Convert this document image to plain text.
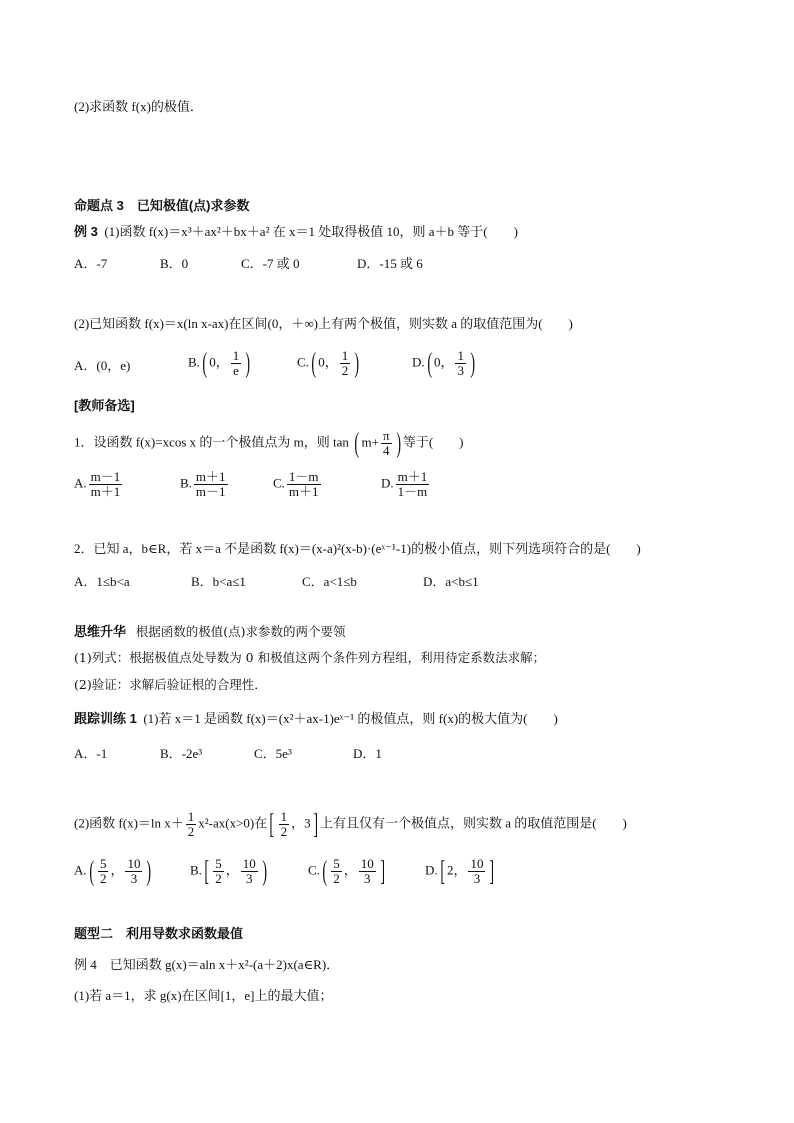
(2)求函数 f(x)的极值．
命题点 3　已知极值(点)求参数
例 3 (1)函数 f(x)＝x³＋ax²＋bx＋a² 在 x＝1 处取得极值 10，则 a＋b 等于(　　)
A．-7	B．0	C．-7 或 0	D．-15 或 6
(2)已知函数 f(x)＝x(ln x-ax)在区间(0，＋∞)上有两个极值，则实数 a 的取值范围为(　　)
A．(0，e)	B.( 0， $\frac{1}{e}$ )	C.( 0， $\frac{1}{2}$ )	D.( 0， $\frac{1}{3}$ )
[教师备选]
1．设函数 f(x)=xcos x 的一个极值点为 m，则 tan ( $m+ \frac{\pi}{4}$ ) 等于(　　)
A. $\frac{m-1}{m+1}$	B. $\frac{m+1}{m-1}$	C. $\frac{1-m}{m+1}$	D. $\frac{m+1}{1-m}$
2．已知 a，b∈R，若 x＝a 不是函数 f(x)＝(x-a)²(x-b)·(eˣ⁻¹-1)的极小值点，则下列选项符合的是(　　)
A．1≤b<a	B．b<a≤1	C．a<1≤b	D．a<b≤1
思维升华 根据函数的极值(点)求参数的两个要领
(1)列式：根据极值点处导数为 0 和极值这两个条件列方程组，利用待定系数法求解；
(2)验证：求解后验证根的合理性．
跟踪训练 1 (1)若 x＝1 是函数 f(x)＝(x²＋ax-1)eˣ⁻¹ 的极值点，则 f(x)的极大值为(　　)
A．-1	B．-2e³	C．5e³	D．1
(2)函数 f(x)＝ln $x+ \frac{1}{2} x^2-ax(x>0)$在[ $\frac{1}{2}$ ，3] 上有且仅有一个极值点，则实数 a 的取值范围是(　　)
$A.( \frac{5}{2}$ ， $\frac{10}{3}$ )	$B.[ \frac{5}{2}$ ， $\frac{10}{3}$ )	$C.( \frac{5}{2}$ ， $\frac{10}{3}$ ]	D.[ 2， $\frac{10}{3}$ ]
题型二　利用导数求函数最值
例 4　已知函数 g(x)＝aln x＋x²-(a＋2)x(a∈R)．
(1)若 a＝1，求 g(x)在区间[1，e]上的最大值；
